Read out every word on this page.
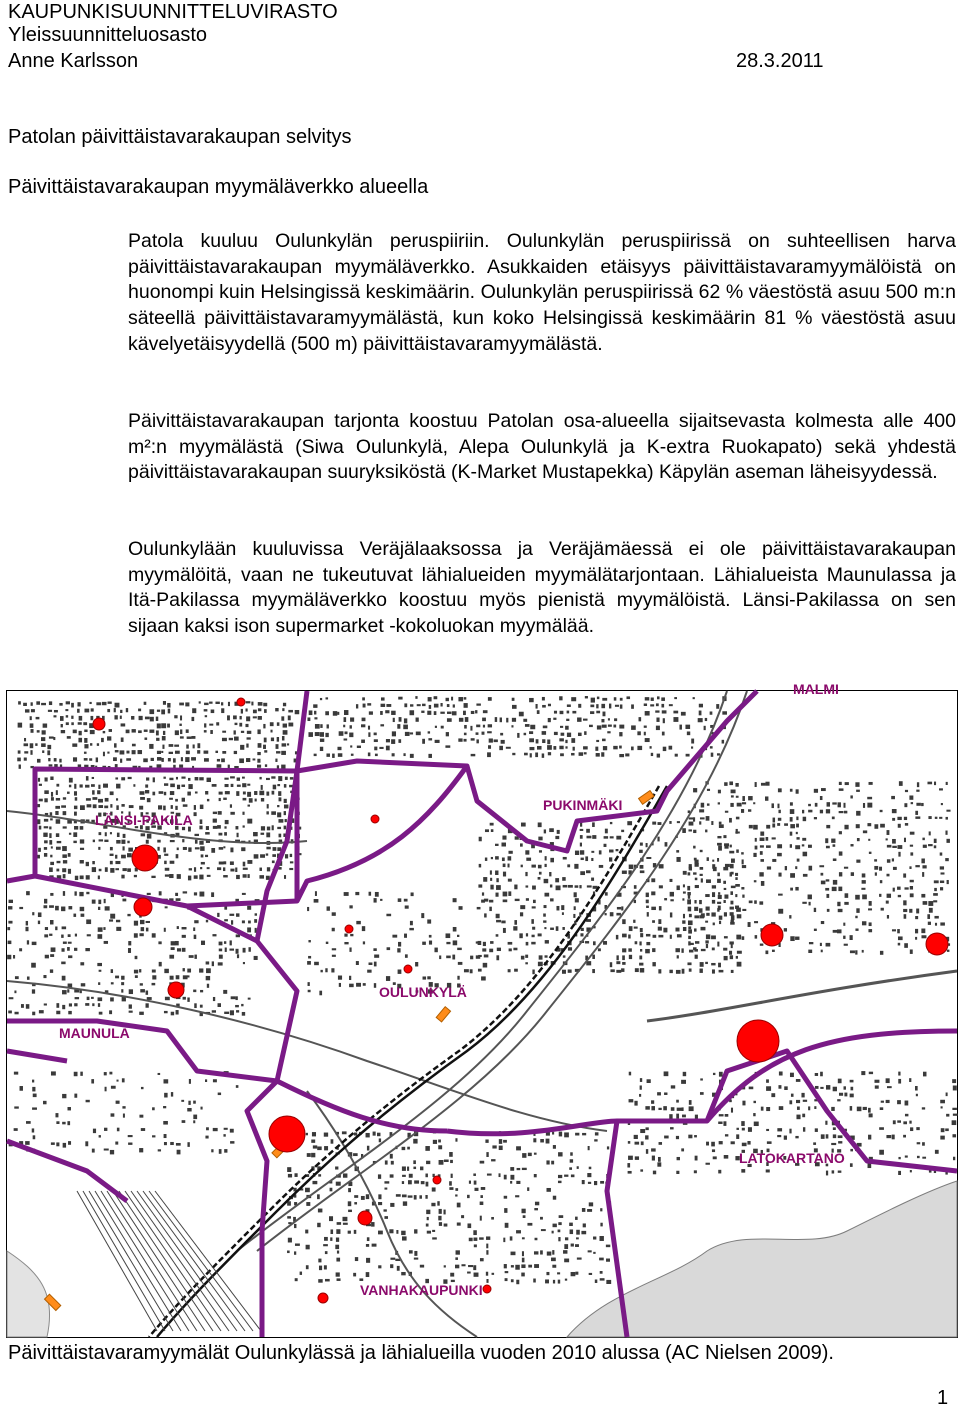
KAUPUNKISUUNNITTELUVIRASTO
Yleissuunnitteluosasto
Anne Karlsson	28.3.2011
Patolan päivittäistavarakaupan selvitys
Päivittäistavarakaupan myymäläverkko alueella

Patola kuuluu Oulunkylän peruspiiriin. Oulunkylän peruspiirissä on suhteellisen harva päivittäistavarakaupan myymäläverkko. Asukkaiden etäisyys päivittäistavaramyymälöistä on huonompi kuin Helsingissä keskimäärin. Oulunkylän peruspiirissä 62 % väestöstä asuu 500 m:n säteellä päivittäistavaramyymälästä, kun koko Helsingissä keskimäärin 81 % väestöstä asuu kävelyetäisyydellä (500 m) päivittäistavaramyymälästä.

Päivittäistavarakaupan tarjonta koostuu Patolan osa-alueella sijaitsevasta kolmesta alle 400 m²:n myymälästä (Siwa Oulunkylä, Alepa Oulunkylä ja K-extra Ruokapato) sekä yhdestä päivittäistavarakaupan suuryksiköstä (K-Market Mustapekka) Käpylän aseman läheisyydessä.

Oulunkylään kuuluvissa Veräjälaaksossa ja Veräjämäessä ei ole päivittäistavarakaupan myymälöitä, vaan ne tukeutuvat lähialueiden myymälätarjontaan. Lähialueista Maunulassa ja Itä-Pakilassa myymäläverkko koostuu myös pienistä myymälöistä. Länsi-Pakilassa on sen sijaan kaksi ison supermarket -kokoluokan myymälää.

LÄNSI-PAKILA
PUKINMÄKI
OULUNKYLÄ
MAUNULA
LATOKARTANO
VANHAKAUPUNKI
MALMI
Päivittäistavaramyymälät Oulunkylässä ja lähialueilla vuoden 2010 alussa (AC Nielsen 2009).
1
